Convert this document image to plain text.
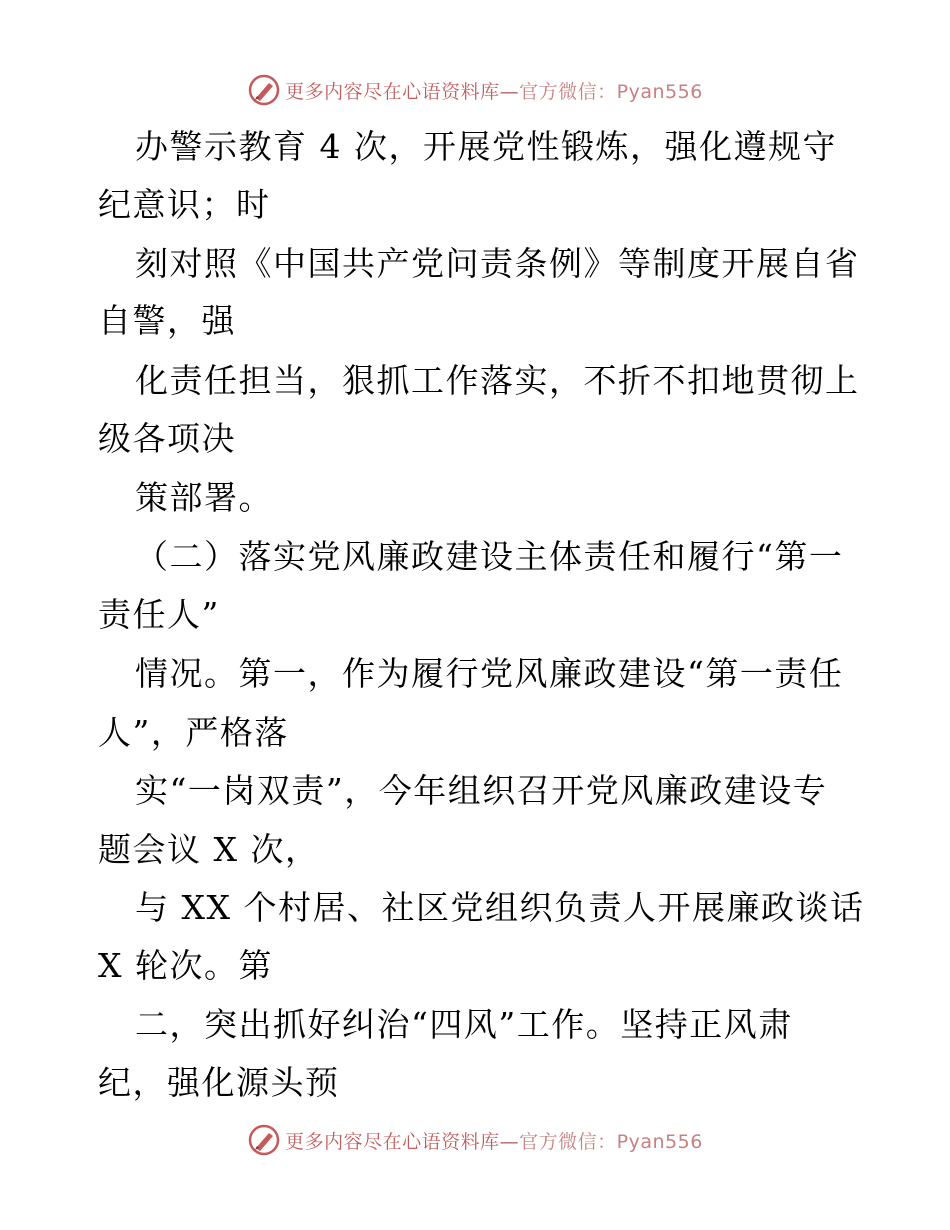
更多内容尽在心语资料库—官方微信：Pyan556
办警示教育 4 次，开展党性锻炼，强化遵规守
纪意识；时
刻对照《中国共产党问责条例》等制度开展自省
自警，强
化责任担当，狠抓工作落实，不折不扣地贯彻上
级各项决
策部署。
（二）落实党风廉政建设主体责任和履行“第一
责任人”
情况。第一，作为履行党风廉政建设“第一责任
人”，严格落
实“一岗双责”，今年组织召开党风廉政建设专
题会议 X 次，
与 XX 个村居、社区党组织负责人开展廉政谈话
X 轮次。第
二，突出抓好纠治“四风”工作。坚持正风肃
纪，强化源头预
更多内容尽在心语资料库—官方微信：Pyan556
